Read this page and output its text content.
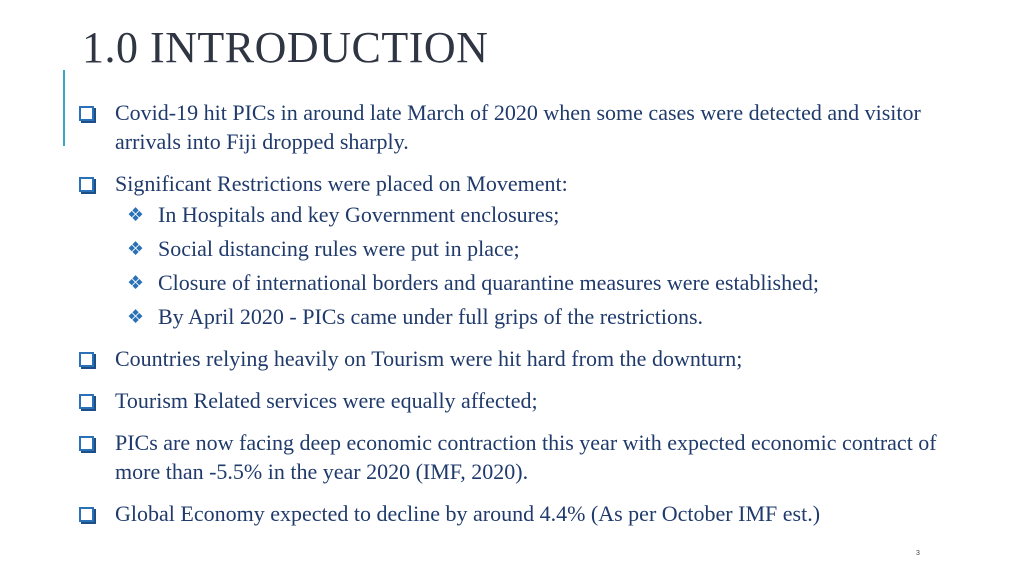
1.0 INTRODUCTION
Covid-19 hit PICs in around late March of 2020 when some cases were detected and visitor arrivals into Fiji dropped sharply.
Significant Restrictions were placed on Movement:
❖ In Hospitals and key Government enclosures;
❖ Social distancing rules were put in place;
❖ Closure of international borders and quarantine measures were established;
❖ By April 2020 - PICs came under full grips of the restrictions.
Countries relying heavily on Tourism were hit hard from the downturn;
Tourism Related services were equally affected;
PICs are now facing deep economic contraction this year with expected economic contract of more than -5.5% in the year 2020 (IMF, 2020).
Global Economy expected to decline by around 4.4% (As per October IMF est.)
3
